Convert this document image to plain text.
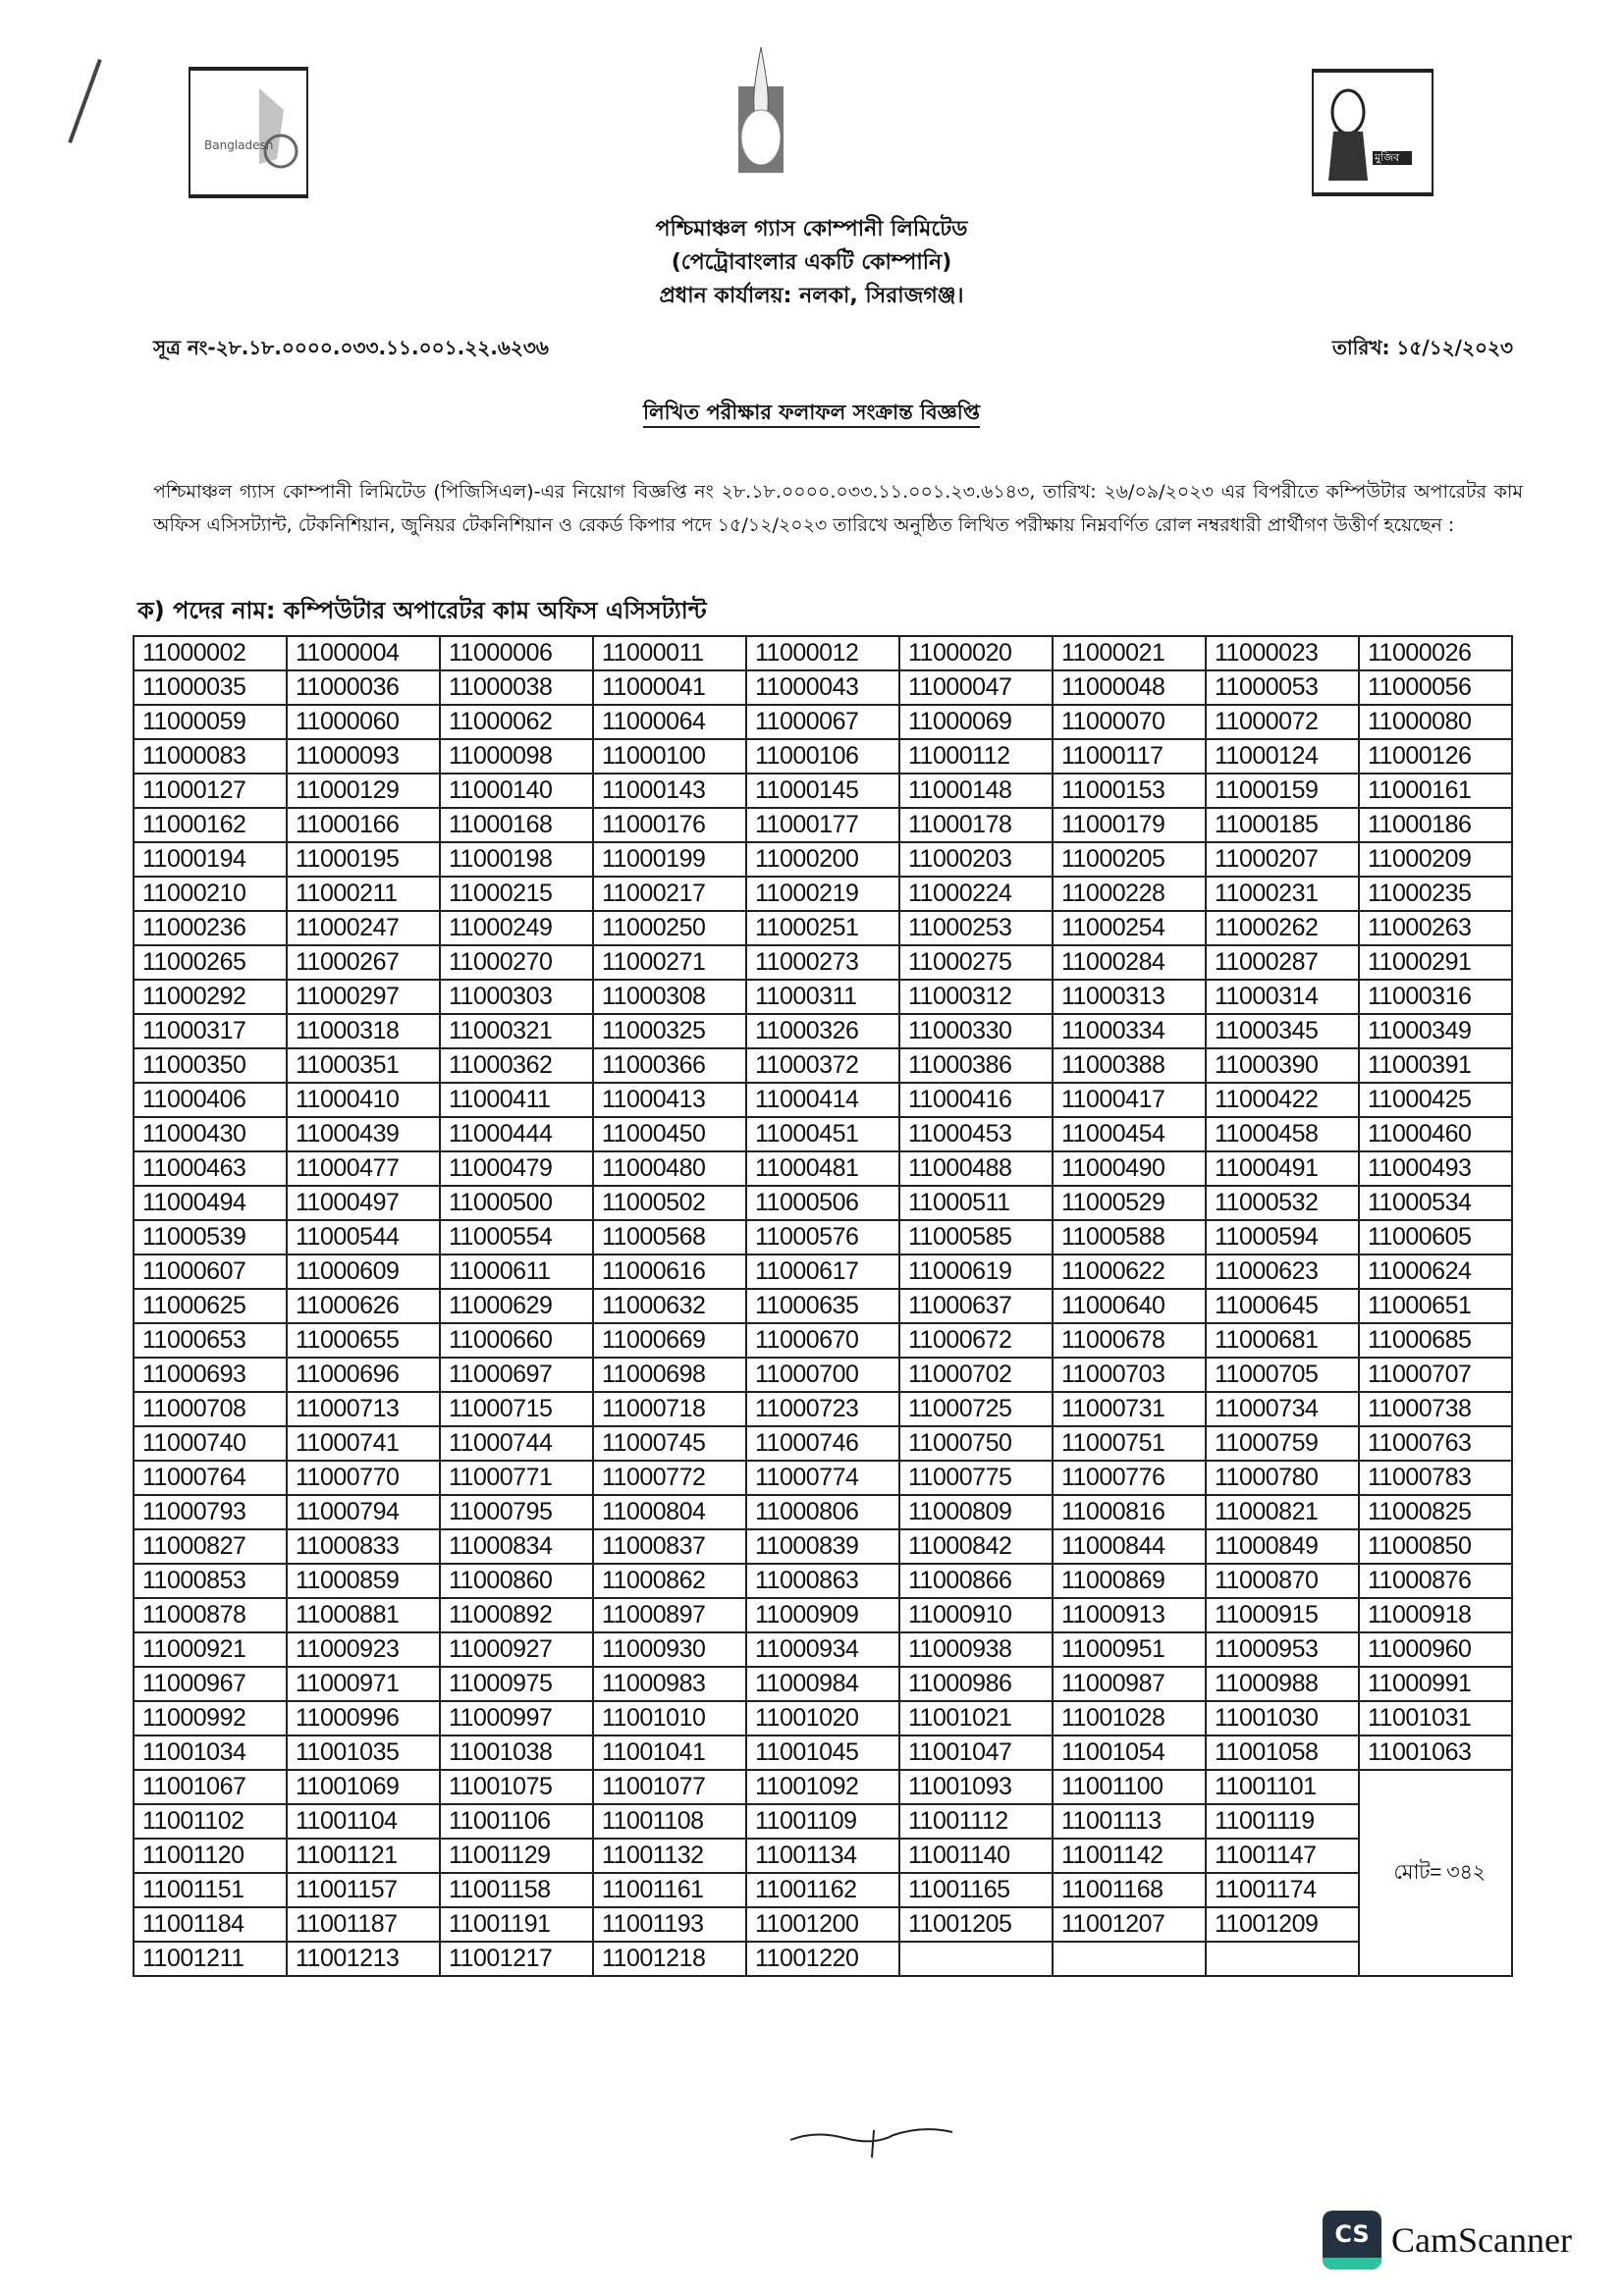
Bangladesh
মুজিব
পশ্চিমাঞ্চল গ্যাস কোম্পানী লিমিটেড
(পেট্রোবাংলার একটি কোম্পানি)
প্রধান কার্যালয়: নলকা, সিরাজগঞ্জ।
সূত্র নং-২৮.১৮.০০০০.০৩৩.১১.০০১.২২.৬২৩৬	তারিখ: ১৫/১২/২০২৩
লিখিত পরীক্ষার ফলাফল সংক্রান্ত বিজ্ঞপ্তি
পশ্চিমাঞ্চল গ্যাস কোম্পানী লিমিটেড (পিজিসিএল)-এর নিয়োগ বিজ্ঞপ্তি নং ২৮.১৮.০০০০.০৩৩.১১.০০১.২৩.৬১৪৩, তারিখ: ২৬/০৯/২০২৩ এর বিপরীতে কম্পিউটার অপারেটর কাম অফিস এসিসট্যান্ট, টেকনিশিয়ান, জুনিয়র টেকনিশিয়ান ও রেকর্ড কিপার পদে ১৫/১২/২০২৩ তারিখে অনুষ্ঠিত লিখিত পরীক্ষায় নিম্নবর্ণিত রোল নম্বরধারী প্রার্থীগণ উত্তীর্ণ হয়েছেন :
ক) পদের নাম: কম্পিউটার অপারেটর কাম অফিস এসিসট্যান্ট
11000002	11000004	11000006	11000011	11000012	11000020	11000021	11000023	11000026
11000035	11000036	11000038	11000041	11000043	11000047	11000048	11000053	11000056
11000059	11000060	11000062	11000064	11000067	11000069	11000070	11000072	11000080
11000083	11000093	11000098	11000100	11000106	11000112	11000117	11000124	11000126
11000127	11000129	11000140	11000143	11000145	11000148	11000153	11000159	11000161
11000162	11000166	11000168	11000176	11000177	11000178	11000179	11000185	11000186
11000194	11000195	11000198	11000199	11000200	11000203	11000205	11000207	11000209
11000210	11000211	11000215	11000217	11000219	11000224	11000228	11000231	11000235
11000236	11000247	11000249	11000250	11000251	11000253	11000254	11000262	11000263
11000265	11000267	11000270	11000271	11000273	11000275	11000284	11000287	11000291
11000292	11000297	11000303	11000308	11000311	11000312	11000313	11000314	11000316
11000317	11000318	11000321	11000325	11000326	11000330	11000334	11000345	11000349
11000350	11000351	11000362	11000366	11000372	11000386	11000388	11000390	11000391
11000406	11000410	11000411	11000413	11000414	11000416	11000417	11000422	11000425
11000430	11000439	11000444	11000450	11000451	11000453	11000454	11000458	11000460
11000463	11000477	11000479	11000480	11000481	11000488	11000490	11000491	11000493
11000494	11000497	11000500	11000502	11000506	11000511	11000529	11000532	11000534
11000539	11000544	11000554	11000568	11000576	11000585	11000588	11000594	11000605
11000607	11000609	11000611	11000616	11000617	11000619	11000622	11000623	11000624
11000625	11000626	11000629	11000632	11000635	11000637	11000640	11000645	11000651
11000653	11000655	11000660	11000669	11000670	11000672	11000678	11000681	11000685
11000693	11000696	11000697	11000698	11000700	11000702	11000703	11000705	11000707
11000708	11000713	11000715	11000718	11000723	11000725	11000731	11000734	11000738
11000740	11000741	11000744	11000745	11000746	11000750	11000751	11000759	11000763
11000764	11000770	11000771	11000772	11000774	11000775	11000776	11000780	11000783
11000793	11000794	11000795	11000804	11000806	11000809	11000816	11000821	11000825
11000827	11000833	11000834	11000837	11000839	11000842	11000844	11000849	11000850
11000853	11000859	11000860	11000862	11000863	11000866	11000869	11000870	11000876
11000878	11000881	11000892	11000897	11000909	11000910	11000913	11000915	11000918
11000921	11000923	11000927	11000930	11000934	11000938	11000951	11000953	11000960
11000967	11000971	11000975	11000983	11000984	11000986	11000987	11000988	11000991
11000992	11000996	11000997	11001010	11001020	11001021	11001028	11001030	11001031
11001034	11001035	11001038	11001041	11001045	11001047	11001054	11001058	11001063
11001067	11001069	11001075	11001077	11001092	11001093	11001100	11001101	মোট= ৩৪২
11001102	11001104	11001106	11001108	11001109	11001112	11001113	11001119	
11001120	11001121	11001129	11001132	11001134	11001140	11001142	11001147	
11001151	11001157	11001158	11001161	11001162	11001165	11001168	11001174	
11001184	11001187	11001191	11001193	11001200	11001205	11001207	11001209	
11001211	11001213	11001217	11001218	11001220				
CS CamScanner
